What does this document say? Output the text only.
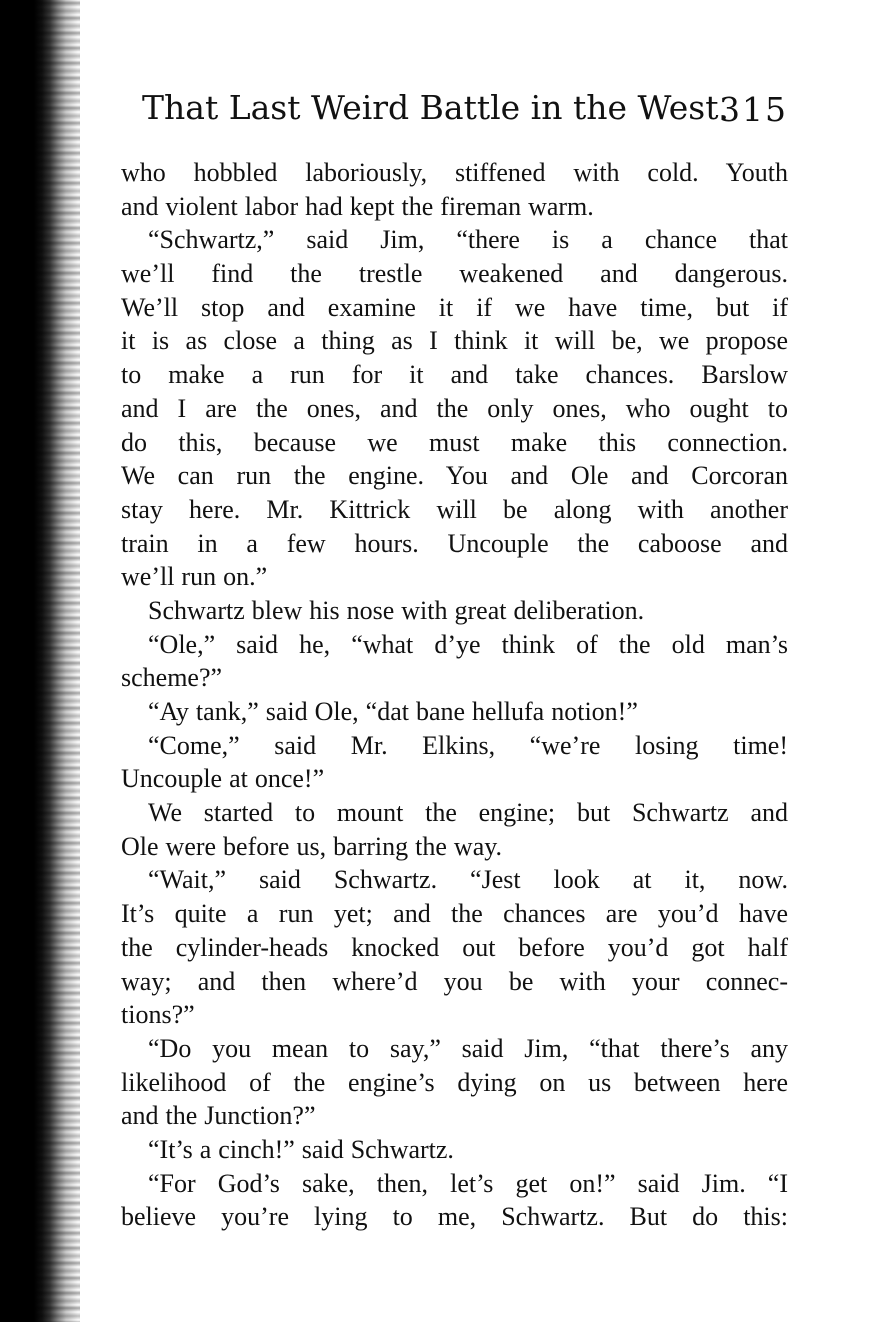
That Last Weird Battle in the West.
315
who hobbled laboriously, stiffened with cold. Youth
and violent labor had kept the fireman warm.
“Schwartz,” said Jim, “there is a chance that
we’ll find the trestle weakened and dangerous.
We’ll stop and examine it if we have time, but if
it is as close a thing as I think it will be, we propose
to make a run for it and take chances. Barslow
and I are the ones, and the only ones, who ought to
do this, because we must make this connection.
We can run the engine. You and Ole and Corcoran
stay here. Mr. Kittrick will be along with another
train in a few hours. Uncouple the caboose and
we’ll run on.”
Schwartz blew his nose with great deliberation.
“Ole,” said he, “what d’ye think of the old man’s
scheme?”
“Ay tank,” said Ole, “dat bane hellufa notion!”
“Come,” said Mr. Elkins, “we’re losing time!
Uncouple at once!”
We started to mount the engine; but Schwartz and
Ole were before us, barring the way.
“Wait,” said Schwartz. “Jest look at it, now.
It’s quite a run yet; and the chances are you’d have
the cylinder-heads knocked out before you’d got half
way; and then where’d you be with your connec-
tions?”
“Do you mean to say,” said Jim, “that there’s any
likelihood of the engine’s dying on us between here
and the Junction?”
“It’s a cinch!” said Schwartz.
“For God’s sake, then, let’s get on!” said Jim. “I
believe you’re lying to me, Schwartz. But do this:
